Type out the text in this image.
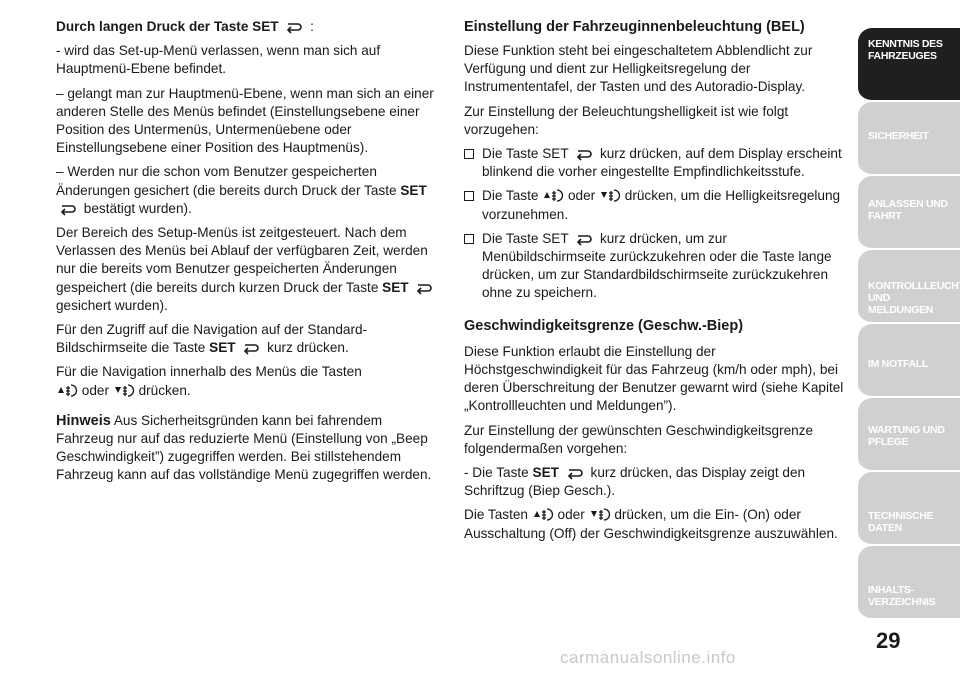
Durch langen Druck der Taste SET :

- wird das Set-up-Menü verlassen, wenn man sich auf Hauptmenü-Ebene befindet.

– gelangt man zur Hauptmenü-Ebene, wenn man sich an einer anderen Stelle des Menüs befindet (Einstellungsebene einer Position des Untermenüs, Untermenüebene oder Einstellungsebene einer Position des Hauptmenüs).

– Werden nur die schon vom Benutzer gespeicherten Änderungen gesichert (die bereits durch Druck der Taste SET  bestätigt wurden).

Der Bereich des Setup-Menüs ist zeitgesteuert. Nach dem Verlassen des Menüs bei Ablauf der verfügbaren Zeit, werden nur die bereits vom Benutzer gespeicherten Änderungen gespeichert (die bereits durch kurzen Druck der Taste SET  gesichert wurden).

Für den Zugriff auf die Navigation auf der Standard-Bildschirmseite die Taste SET kurz drücken.

Für die Navigation innerhalb des Menüs die Tasten
oder drücken.

Hinweis Aus Sicherheitsgründen kann bei fahrendem Fahrzeug nur auf das reduzierte Menü (Einstellung von „Beep Geschwindigkeit”) zugegriffen werden. Bei stillstehendem Fahrzeug kann auf das vollständige Menü zugegriffen werden.

Einstellung der Fahrzeuginnenbeleuchtung (BEL)

Diese Funktion steht bei eingeschaltetem Abblendlicht zur Verfügung und dient zur Helligkeitsregelung der Instrumententafel, der Tasten und des Autoradio-Display.

Zur Einstellung der Beleuchtungshelligkeit ist wie folgt vorzugehen:

Die Taste SET kurz drücken, auf dem Display erscheint blinkend die vorher eingestellte Empfindlichkeitsstufe.
Die Taste oder drücken, um die Helligkeitsregelung vorzunehmen.
Die Taste SET kurz drücken, um zur Menübildschirmseite zurückzukehren oder die Taste lange drücken, um zur Standardbildschirmseite zurückzukehren ohne zu speichern.
Geschwindigkeitsgrenze (Geschw.-Biep)

Diese Funktion erlaubt die Einstellung der Höchstgeschwindigkeit für das Fahrzeug (km/h oder mph), bei deren Überschreitung der Benutzer gewarnt wird (siehe Kapitel „Kontrollleuchten und Meldungen”).

Zur Einstellung der gewünschten Geschwindigkeitsgrenze folgendermaßen vorgehen:

- Die Taste SET kurz drücken, das Display zeigt den Schriftzug (Biep Gesch.).

Die Tasten oder drücken, um die Ein- (On) oder Ausschaltung (Off) der Geschwindigkeitsgrenze auszuwählen.

KENNTNIS DES
FAHRZEUGES
SICHERHEIT
ANLASSEN UND
FAHRT
KONTROLLLEUCHTEN
UND MELDUNGEN
IM NOTFALL
WARTUNG UND
PFLEGE
TECHNISCHE DATEN
INHALTS-
VERZEICHNIS
29
carmanualsonline.info
